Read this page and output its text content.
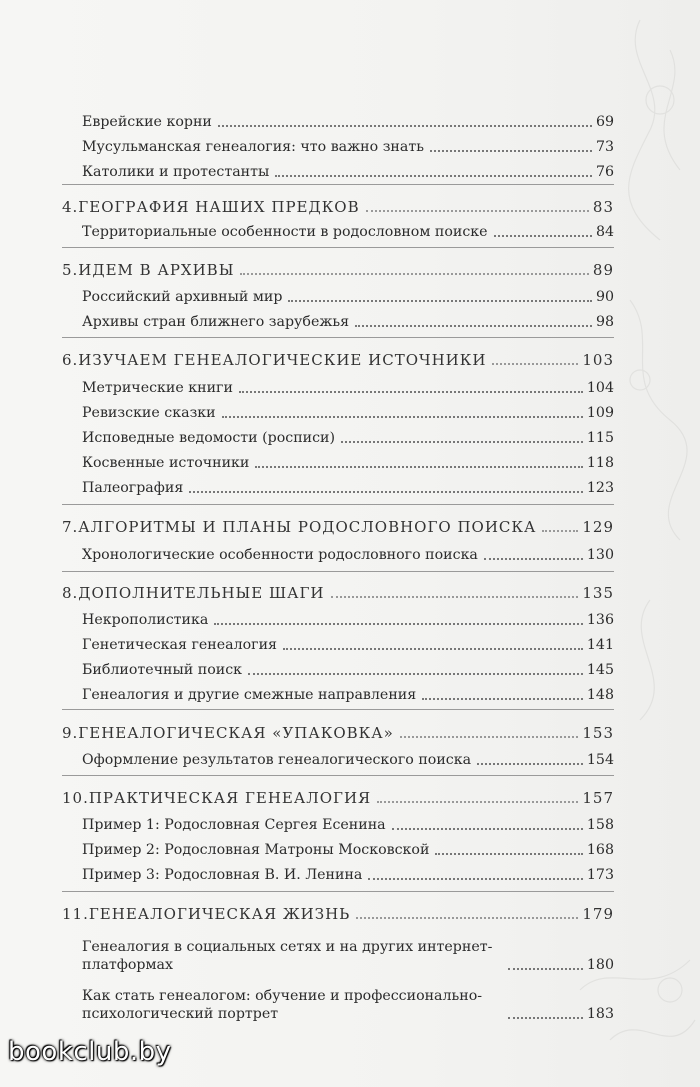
Еврейские корни	69
Мусульманская генеалогия: что важно знать	73
Католики и протестанты	76
4.ГЕОГРАФИЯ НАШИХ ПРЕДКОВ	83
Территориальные особенности в родословном поиске	84
5.ИДЕМ В АРХИВЫ	89
Российский архивный мир	90
Архивы стран ближнего зарубежья	98
6.ИЗУЧАЕМ ГЕНЕАЛОГИЧЕСКИЕ ИСТОЧНИКИ	103
Метрические книги	104
Ревизские сказки	109
Исповедные ведомости (росписи)	115
Косвенные источники	118
Палеография	123
7.АЛГОРИТМЫ И ПЛАНЫ РОДОСЛОВНОГО ПОИСКА	129
Хронологические особенности родословного поиска	130
8.ДОПОЛНИТЕЛЬНЫЕ ШАГИ	135
Некрополистика	136
Генетическая генеалогия	141
Библиотечный поиск	145
Генеалогия и другие смежные направления	148
9.ГЕНЕАЛОГИЧЕСКАЯ «УПАКОВКА»	153
Оформление результатов генеалогического поиска	154
10.ПРАКТИЧЕСКАЯ ГЕНЕАЛОГИЯ	157
Пример 1: Родословная Сергея Есенина	158
Пример 2: Родословная Матроны Московской	168
Пример 3: Родословная В. И. Ленина	173
11.ГЕНЕАЛОГИЧЕСКАЯ ЖИЗНЬ	179
Генеалогия в социальных сетях и на других интернет-платформах	180
Как стать генеалогом: обучение и профессионально-психологический портрет	183
bookclub.by
